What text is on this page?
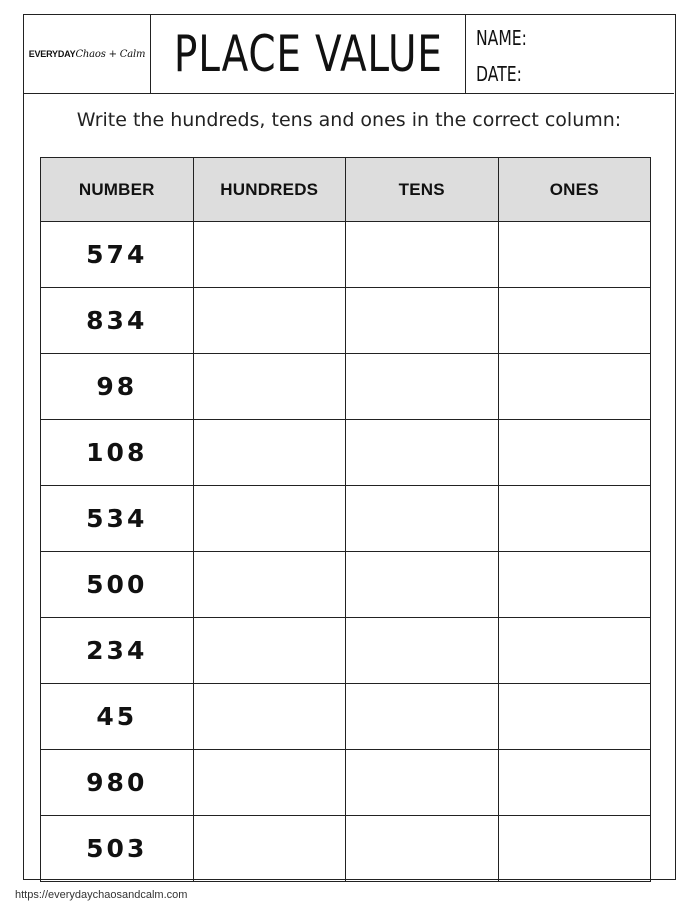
EVERYDAYChaos + Calm PLACE VALUE NAME:
DATE:
Write the hundreds, tens and ones in the correct column:
NUMBER	HUNDREDS	TENS	ONES
574			
834			
98			
108			
534			
500			
234			
45			
980			
503			
https://everydaychaosandcalm.com
